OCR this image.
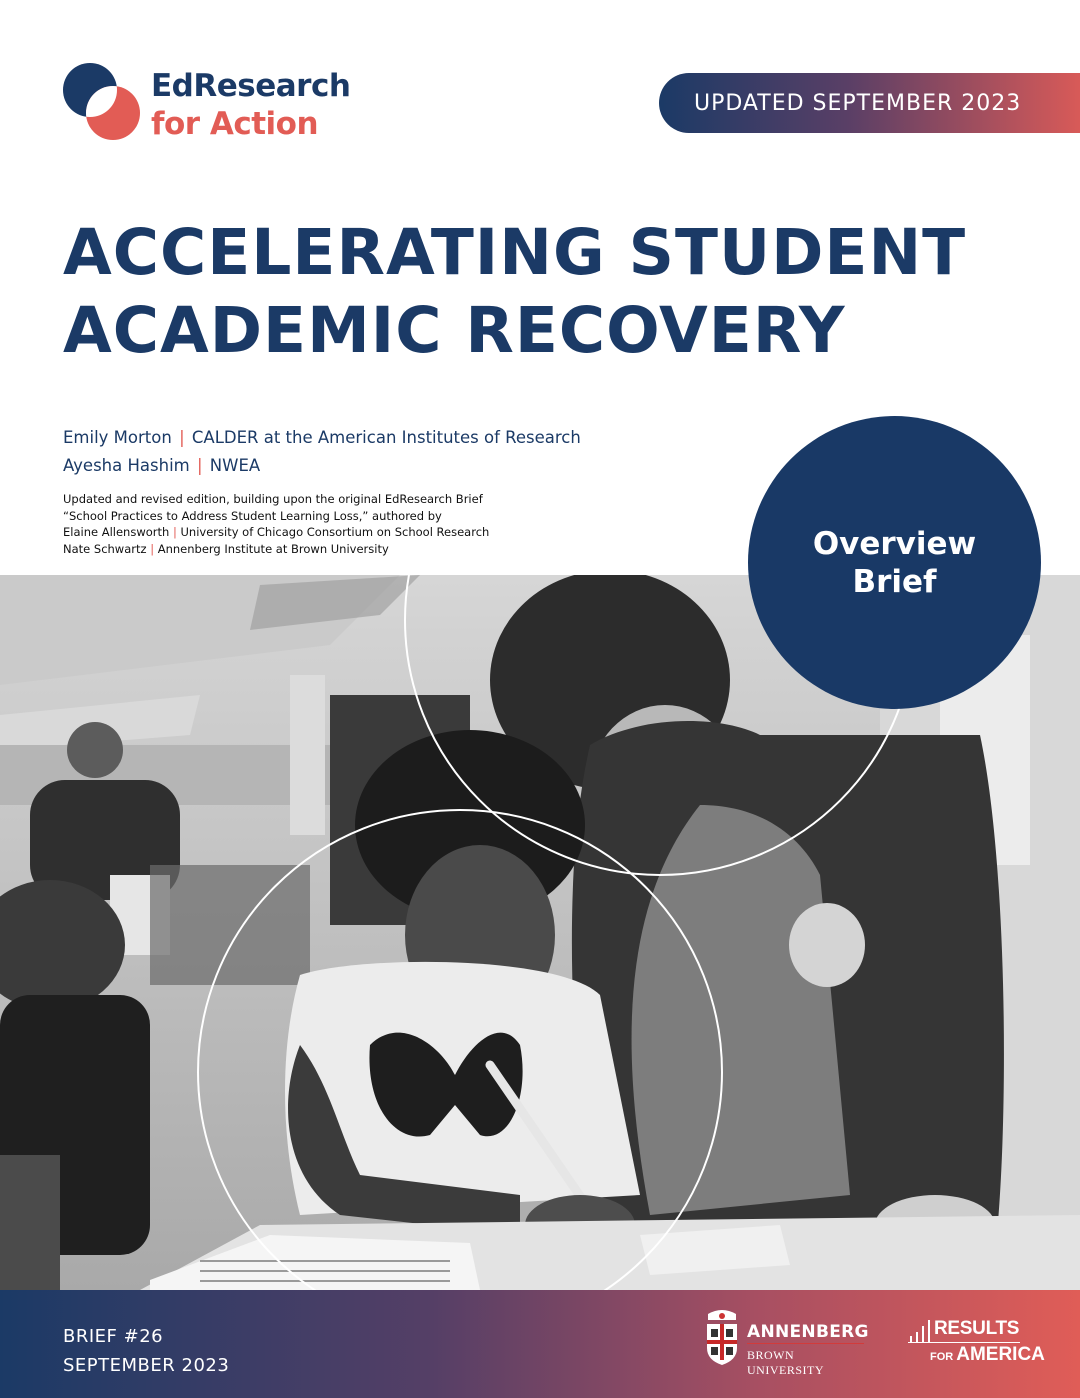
EdResearch
for Action
UPDATED SEPTEMBER 2023
ACCELERATING STUDENT
ACADEMIC RECOVERY
Emily Morton | CALDER at the American Institutes of Research
Ayesha Hashim | NWEA
Updated and revised edition, building upon the original EdResearch Brief
“School Practices to Address Student Learning Loss,” authored by
Elaine Allensworth | University of Chicago Consortium on School Research
Nate Schwartz | Annenberg Institute at Brown University	Overview
Brief
BRIEF #26
SEPTEMBER 2023
ANNENBERG
BROWN UNIVERSITY
RESULTS
FOR AMERICA
